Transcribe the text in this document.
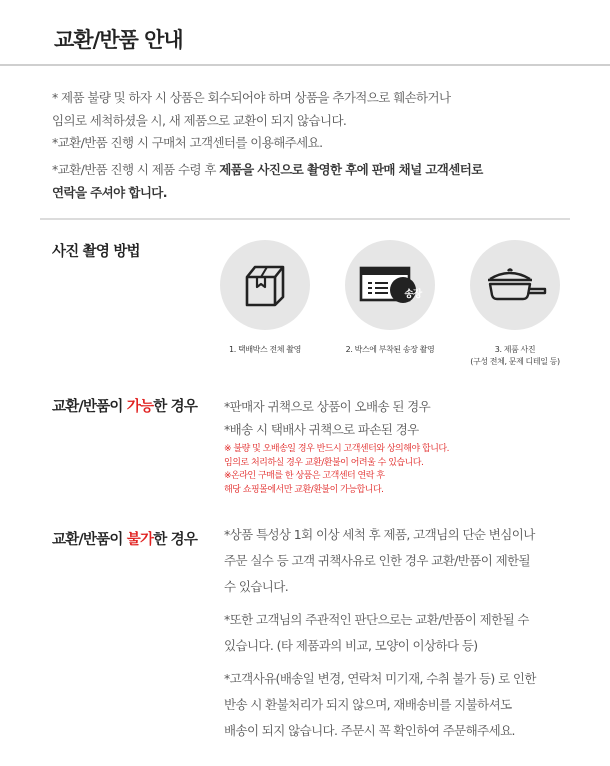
교환/반품 안내
* 제품 불량 및 하자 시 상품은 회수되어야 하며 상품을 추가적으로 훼손하거나
임의로 세척하셨을 시, 새 제품으로 교환이 되지 않습니다.
*교환/반품 진행 시 구매처 고객센터를 이용해주세요.
*교환/반품 진행 시 제품 수령 후 제품을 사진으로 촬영한 후에 판매 채널 고객센터로
연락을 주셔야 합니다.
사진 촬영 방법
1. 택배박스 전체 촬영
송장
2. 박스에 부착된 송장 촬영	3. 제품 사진
(구성 전체, 문제 디테일 등)
교환/반품이 가능한 경우 *판매자 귀책으로 상품이 오배송 된 경우
*배송 시 택배사 귀책으로 파손된 경우
※ 불량 및 오배송일 경우 반드시 고객센터와 상의해야 합니다.
임의로 처리하실 경우 교환/환불이 어려울 수 있습니다.
※온라인 구매를 한 상품은 고객센터 연락 후
해당 쇼핑몰에서만 교환/환불이 가능합니다.
교환/반품이 불가한 경우 *상품 특성상 1회 이상 세척 후 제품, 고객님의 단순 변심이나
주문 실수 등 고객 귀책사유로 인한 경우 교환/반품이 제한될
수 있습니다.
*또한 고객님의 주관적인 판단으로는 교환/반품이 제한될 수
있습니다. (타 제품과의 비교, 모양이 이상하다 등)
*고객사유(배송일 변경, 연락처 미기재, 수취 불가 등) 로 인한
반송 시 환불처리가 되지 않으며, 재배송비를 지불하셔도
배송이 되지 않습니다. 주문시 꼭 확인하여 주문해주세요.
